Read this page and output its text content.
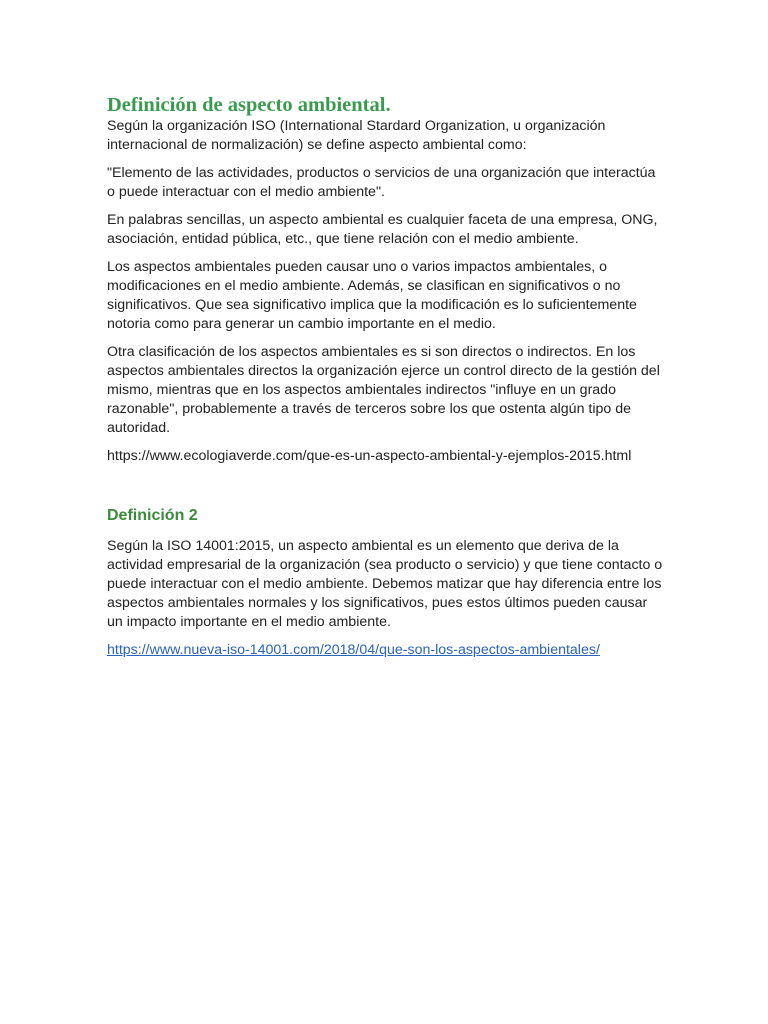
Definición de aspecto ambiental.

Según la organización ISO (International Stardard Organization, u organización internacional de normalización) se define aspecto ambiental como:

"Elemento de las actividades, productos o servicios de una organización que interactúa o puede interactuar con el medio ambiente".

En palabras sencillas, un aspecto ambiental es cualquier faceta de una empresa, ONG, asociación, entidad pública, etc., que tiene relación con el medio ambiente.

Los aspectos ambientales pueden causar uno o varios impactos ambientales, o modificaciones en el medio ambiente. Además, se clasifican en significativos o no significativos. Que sea significativo implica que la modificación es lo suficientemente notoria como para generar un cambio importante en el medio.

Otra clasificación de los aspectos ambientales es si son directos o indirectos. En los aspectos ambientales directos la organización ejerce un control directo de la gestión del mismo, mientras que en los aspectos ambientales indirectos "influye en un grado razonable", probablemente a través de terceros sobre los que ostenta algún tipo de autoridad.

https://www.ecologiaverde.com/que-es-un-aspecto-ambiental-y-ejemplos-2015.html

Definición 2

Según la ISO 14001:2015, un aspecto ambiental es un elemento que deriva de la actividad empresarial de la organización (sea producto o servicio) y que tiene contacto o puede interactuar con el medio ambiente. Debemos matizar que hay diferencia entre los aspectos ambientales normales y los significativos, pues estos últimos pueden causar un impacto importante en el medio ambiente.

https://www.nueva-iso-14001.com/2018/04/que-son-los-aspectos-ambientales/
